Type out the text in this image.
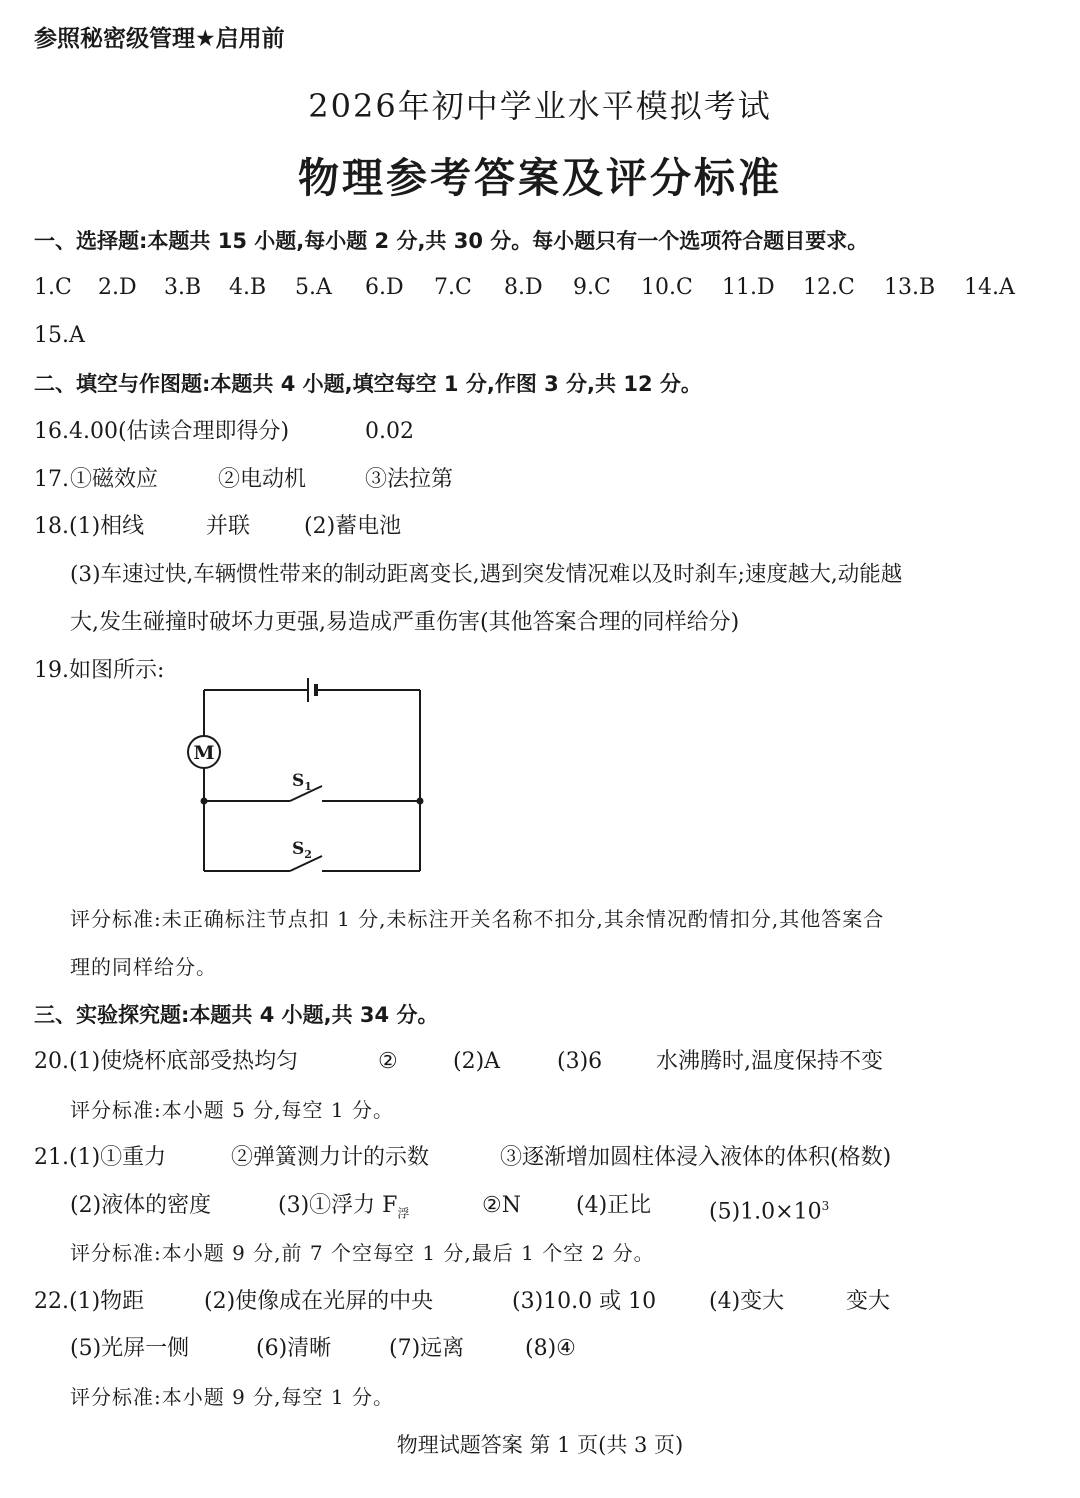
参照秘密级管理★启用前
2026年初中学业水平模拟考试
物理参考答案及评分标准
一、选择题:本题共 15 小题,每小题 2 分,共 30 分。每小题只有一个选项符合题目要求。
1.C 2.D 3.B 4.B 5.A 6.D 7.C 8.D 9.C 10.C 11.D 12.C 13.B 14.A
15.A
二、填空与作图题:本题共 4 小题,填空每空 1 分,作图 3 分,共 12 分。
16.4.00(估读合理即得分)	0.02
17. ①磁效应	②电动机	③法拉第
18.(1)相线	并联 (2)蓄电池
(3)车速过快,车辆惯性带来的制动距离变长,遇到突发情况难以及时刹车;速度越大,动能越
大,发生碰撞时破坏力更强,易造成严重伤害(其他答案合理的同样给分)
19.如图所示:
M
$S_1$
$S_2$
评分标准:未正确标注节点扣 1 分,未标注开关名称不扣分,其余情况酌情扣分,其他答案合
理的同样给分。
三、实验探究题:本题共 4 小题,共 34 分。
20.(1)使烧杯底部受热均匀	②	(2)A	(3)6 水沸腾时,温度保持不变
评分标准:本小题 5 分,每空 1 分。
21.(1)①重力	②弹簧测力计的示数	③逐渐增加圆柱体浸入液体的体积(格数)
(2)液体的密度	(3)①浮力 $F_浮$	②N	(4)正比	$(5)1.0\times 10^3$
评分标准:本小题 9 分,前 7 个空每空 1 分,最后 1 个空 2 分。
22.(1)物距	(2)使像成在光屏的中央	(3)10.0 或 10 (4)变大	变大
(5)光屏一侧	(6)清晰	(7)远离	(8)④
评分标准:本小题 9 分,每空 1 分。
物理试题答案 第 1 页(共 3 页)
